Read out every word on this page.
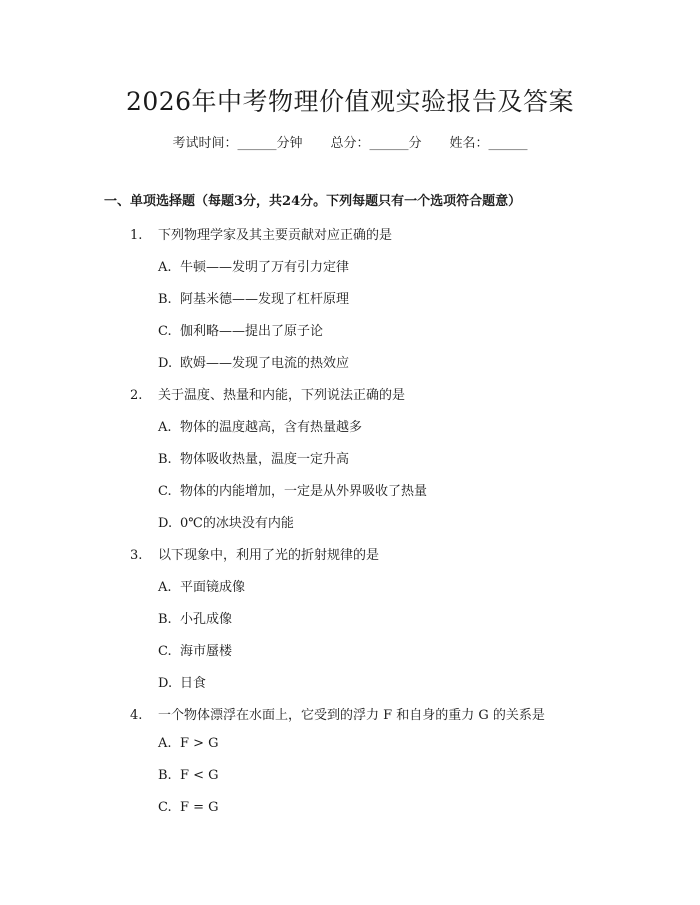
2026年中考物理价值观实验报告及答案
考试时间：______分钟 总分：______分 姓名：______
一、单项选择题（每题3分，共24分。下列每题只有一个选项符合题意）
1. 下列物理学家及其主要贡献对应正确的是
A. 牛顿——发明了万有引力定律
B. 阿基米德——发现了杠杆原理
C. 伽利略——提出了原子论
D. 欧姆——发现了电流的热效应
2. 关于温度、热量和内能，下列说法正确的是
A. 物体的温度越高，含有热量越多
B. 物体吸收热量，温度一定升高
C. 物体的内能增加，一定是从外界吸收了热量
D. 0℃的冰块没有内能
3. 以下现象中，利用了光的折射规律的是
A. 平面镜成像
B. 小孔成像
C. 海市蜃楼
D. 日食
4. 一个物体漂浮在水面上，它受到的浮力 F 和自身的重力 G 的关系是
A. F > G
B. F < G
C. F = G
